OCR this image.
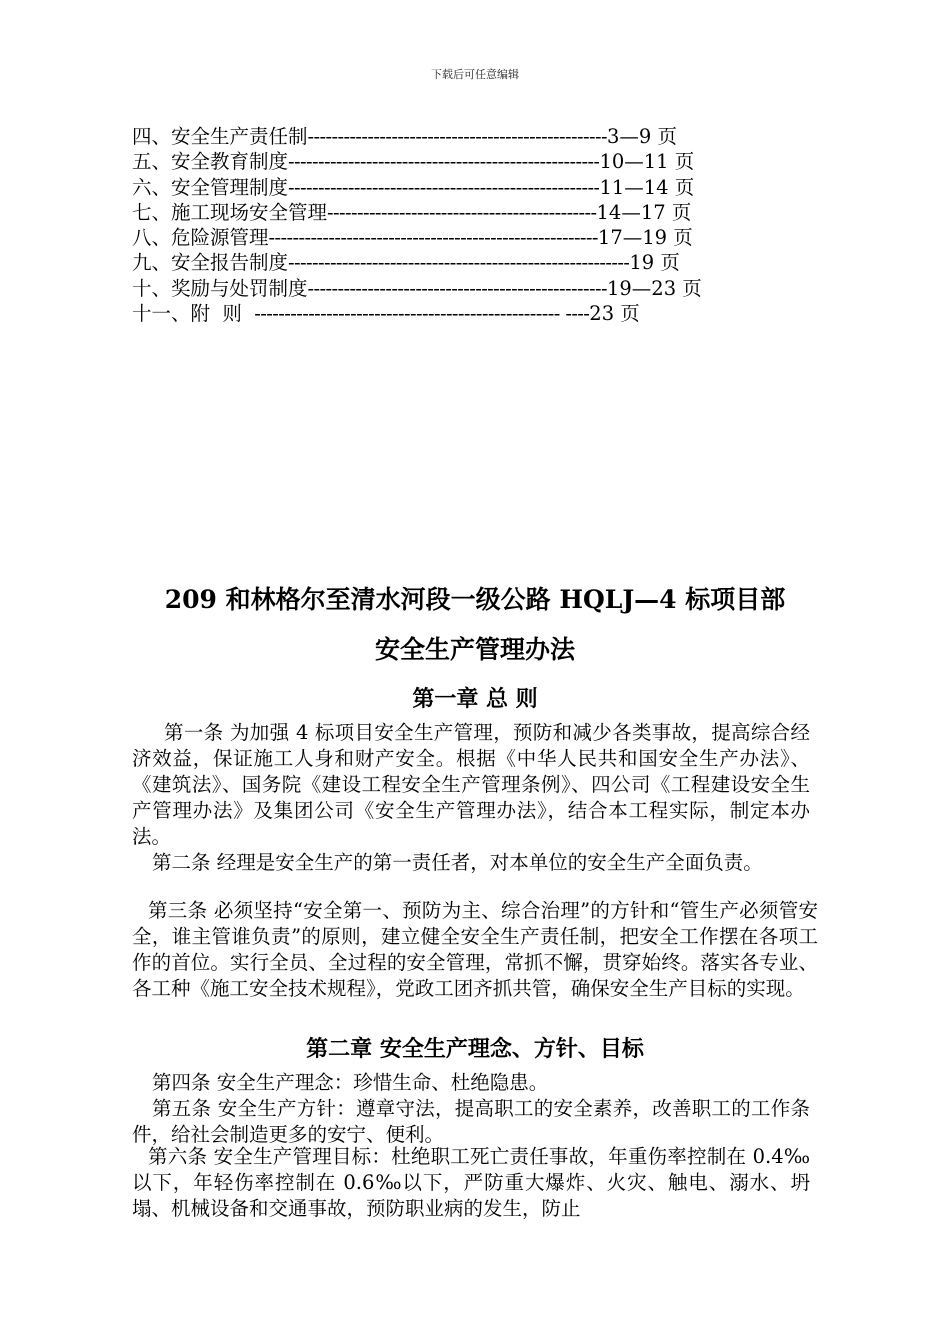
下载后可任意编辑
四、安全生产责任制 -------------------------------------------------- 3—9 页
五、安全教育制度 ---------------------------------------------------- 10—11 页
六、安全管理制度 ---------------------------------------------------- 11—14 页
七、施工现场安全管理 --------------------------------------------- 14—17 页
八、危险源管理 ------------------------------------------------------- 17—19 页
九、安全报告制度 --------------------------------------------------------- 19 页
十、奖励与处罚制度 -------------------------------------------------- 19—23 页
十一、附  则 --------------------------------------------------- ---- 23 页
209 和林格尔至清水河段一级公路 HQLJ—4 标项目部
安全生产管理办法
第一章 总 则
第一条 为加强 4 标项目安全生产管理，预防和减少各类事故，提高综合经济效益，保证施工人身和财产安全。根据《中华人民共和国安全生产办法》、《建筑法》、国务院《建设工程安全生产管理条例》、四公司《工程建设安全生产管理办法》及集团公司《安全生产管理办法》，结合本工程实际，制定本办法。
第二条 经理是安全生产的第一责任者，对本单位的安全生产全面负责。
第三条 必须坚持“安全第一、预防为主、综合治理”的方针和“管生产必须管安全，谁主管谁负责”的原则，建立健全安全生产责任制，把安全工作摆在各项工作的首位。实行全员、全过程的安全管理，常抓不懈，贯穿始终。落实各专业、各工种《施工安全技术规程》，党政工团齐抓共管，确保安全生产目标的实现。
第二章 安全生产理念、方针、目标
第四条 安全生产理念：珍惜生命、杜绝隐患。
第五条 安全生产方针：遵章守法，提高职工的安全素养，改善职工的工作条件，给社会制造更多的安宁、便利。
第六条 安全生产管理目标：杜绝职工死亡责任事故，年重伤率控制在 0.4‰以下，年轻伤率控制在 0.6‰以下，严防重大爆炸、火灾、触电、溺水、坍塌、机械设备和交通事故，预防职业病的发生，防止
